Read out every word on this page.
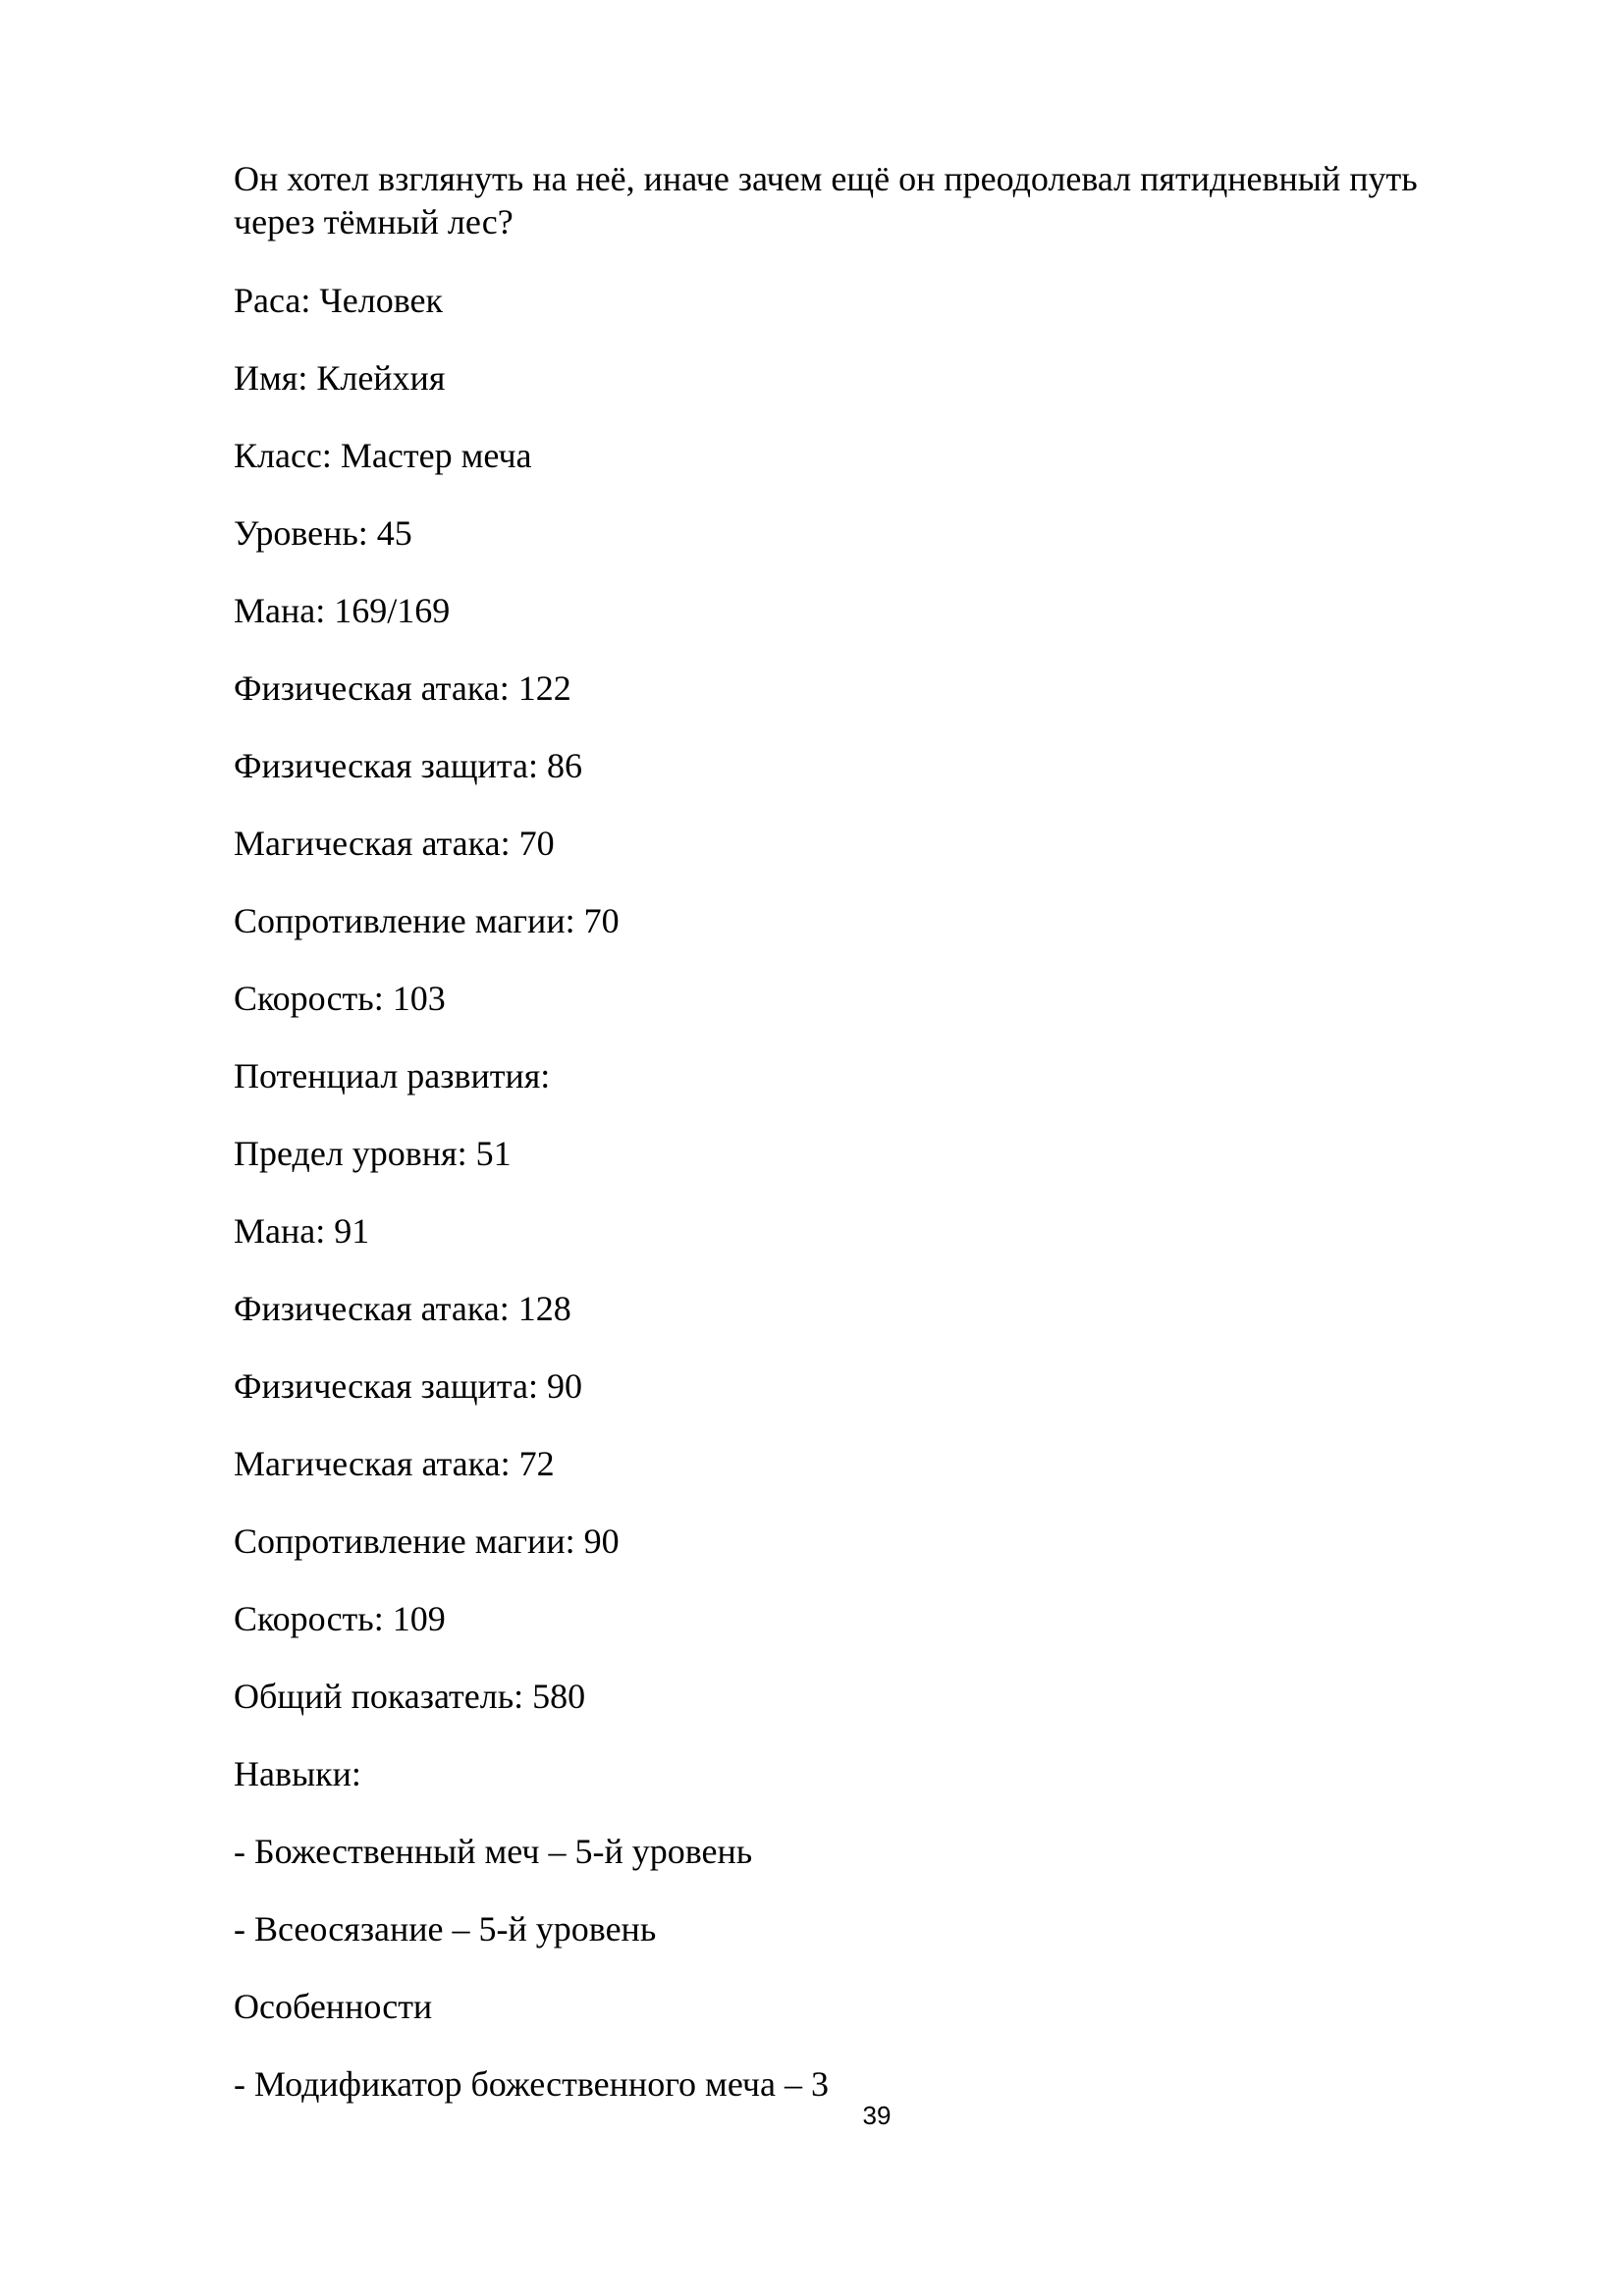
Он хотел взглянуть на неё, иначе зачем ещё он преодолевал пятидневный путь через тёмный лес?

Раса: Человек

Имя: Клейхия

Класс: Мастер меча

Уровень: 45

Мана: 169/169

Физическая атака: 122

Физическая защита: 86

Магическая атака: 70

Сопротивление магии: 70

Скорость: 103

Потенциал развития:

Предел уровня: 51

Мана: 91

Физическая атака: 128

Физическая защита: 90

Магическая атака: 72

Сопротивление магии: 90

Скорость: 109

Общий показатель: 580

Навыки:

- Божественный меч – 5-й уровень

- Всеосязание – 5-й уровень

Особенности

- Модификатор божественного меча – 3

39
